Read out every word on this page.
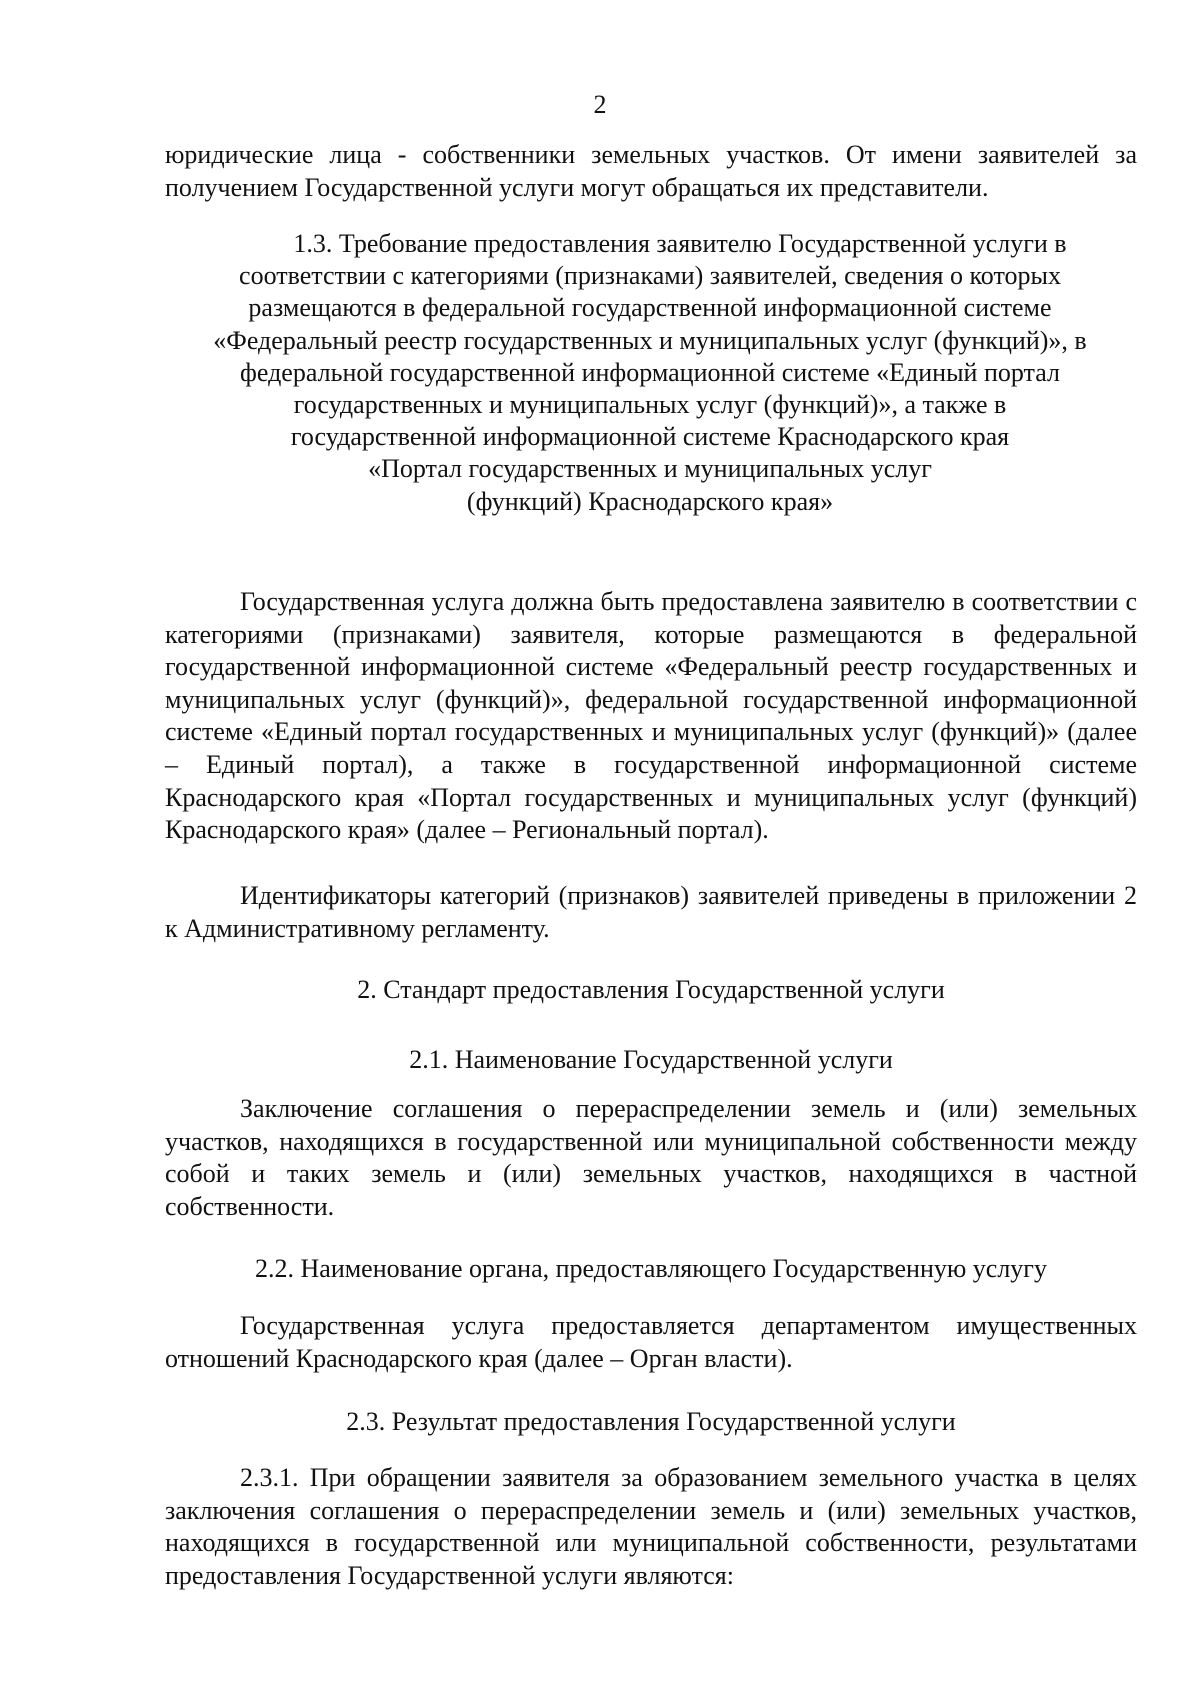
2

юридические лица - собственники земельных участков. От имени заявителей за получением Государственной услуги могут обращаться их представители.

1.3. Требование предоставления заявителю Государственной услуги в
соответствии с категориями (признаками) заявителей, сведения о которых
размещаются в федеральной государственной информационной системе
«Федеральный реестр государственных и муниципальных услуг (функций)», в
федеральной государственной информационной системе «Единый портал
государственных и муниципальных услуг (функций)», а также в
государственной информационной системе Краснодарского края
«Портал государственных и муниципальных услуг
(функций) Краснодарского края»

Государственная услуга должна быть предоставлена заявителю в соответствии с категориями (признаками) заявителя, которые размещаются в федеральной государственной информационной системе «Федеральный реестр государственных и муниципальных услуг (функций)», федеральной государственной информационной системе «Единый портал государственных и муниципальных услуг (функций)» (далее – Единый портал), а также в государственной информационной системе Краснодарского края «Портал государственных и муниципальных услуг (функций) Краснодарского края» (далее – Региональный портал).

Идентификаторы категорий (признаков) заявителей приведены в приложении 2 к Административному регламенту.

2. Стандарт предоставления Государственной услуги
2.1. Наименование Государственной услуги

Заключение соглашения о перераспределении земель и (или) земельных участков, находящихся в государственной или муниципальной собственности между собой и таких земель и (или) земельных участков, находящихся в частной собственности.

2.2. Наименование органа, предоставляющего Государственную услугу

Государственная услуга предоставляется департаментом имущественных отношений Краснодарского края (далее – Орган власти).

2.3. Результат предоставления Государственной услуги

2.3.1. При обращении заявителя за образованием земельного участка в целях заключения соглашения о перераспределении земель и (или) земельных участков, находящихся в государственной или муниципальной собственности, результатами предоставления Государственной услуги являются:
